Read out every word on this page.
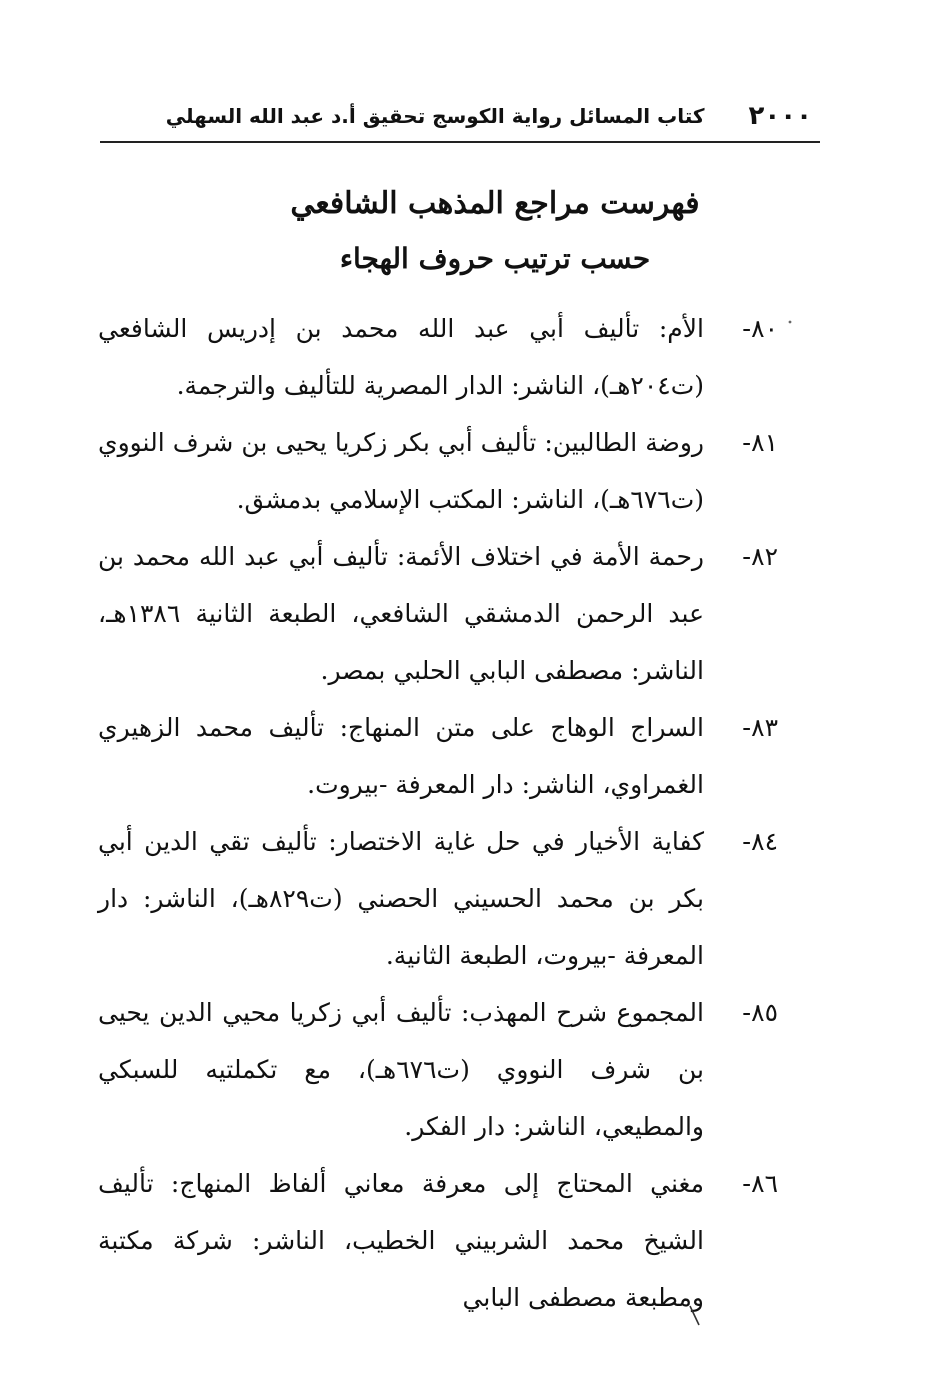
٢٠٠٠
كتاب المسائل رواية الكوسج تحقيق أ.د عبد الله السهلي
فهرست مراجع المذهب الشافعي
حسب ترتيب حروف الهجاء
٨٠-
الأم: تأليف أبي عبد الله محمد بن إدريس الشافعي (ت٢٠٤هـ)، الناشر: الدار المصرية للتأليف والترجمة.
٨١-
روضة الطالبين: تأليف أبي بكر زكريا يحيى بن شرف النووي (ت٦٧٦هـ)، الناشر: المكتب الإسلامي بدمشق.
٨٢-
رحمة الأمة في اختلاف الأئمة: تأليف أبي عبد الله محمد بن عبد الرحمن الدمشقي الشافعي، الطبعة الثانية ١٣٨٦هـ، الناشر: مصطفى البابي الحلبي بمصر.
٨٣-
السراج الوهاج على متن المنهاج: تأليف محمد الزهيري الغمراوي، الناشر: دار المعرفة -بيروت.
٨٤-
كفاية الأخيار في حل غاية الاختصار: تأليف تقي الدين أبي بكر بن محمد الحسيني الحصني (ت٨٢٩هـ)، الناشر: دار المعرفة -بيروت، الطبعة الثانية.
٨٥-
المجموع شرح المهذب: تأليف أبي زكريا محيي الدين يحيى بن شرف النووي (ت٦٧٦هـ)، مع تكملتيه للسبكي والمطيعي، الناشر: دار الفكر.
٨٦-
مغني المحتاج إلى معرفة معاني ألفاظ المنهاج: تأليف الشيخ محمد الشربيني الخطيب، الناشر: شركة مكتبة ومطبعة مصطفى البابي
